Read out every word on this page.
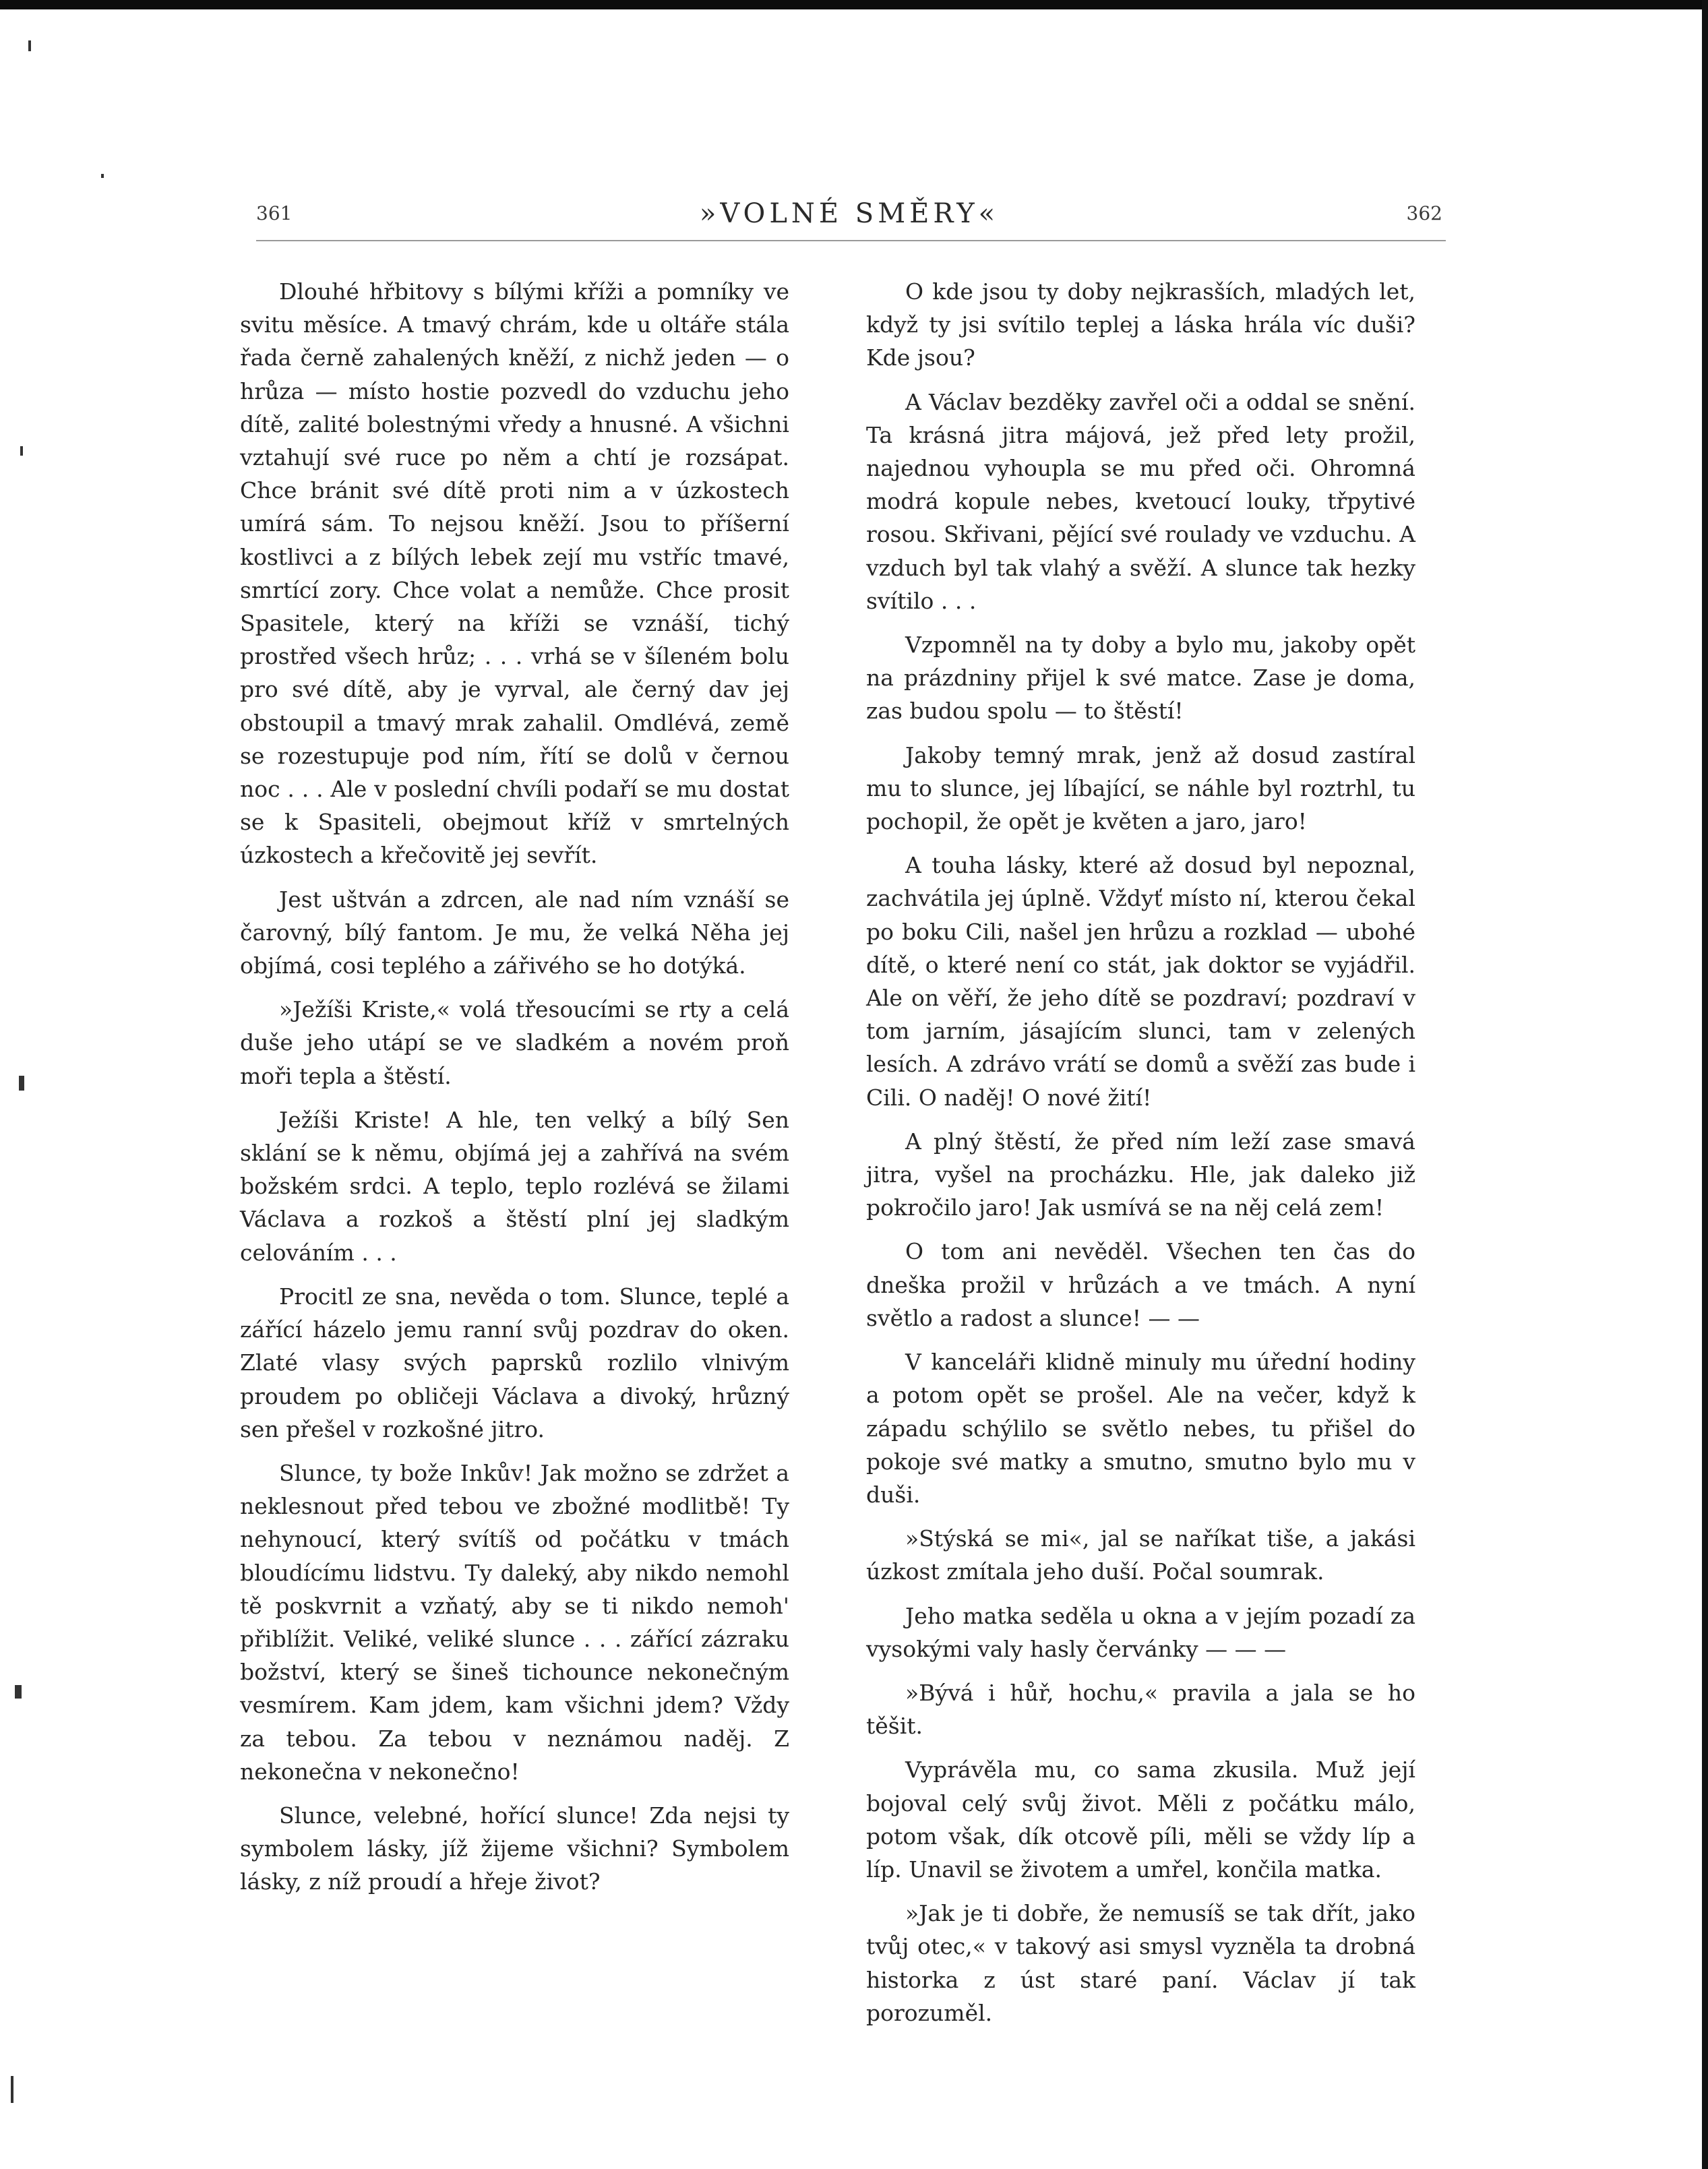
361	»VOLNÉ SMĚRY«	362

Dlouhé hřbitovy s bílými kříži a pomníky ve svitu měsíce. A tmavý chrám, kde u oltáře stála řada černě zahalených kněží, z nichž jeden — o hrůza — místo hostie pozvedl do vzduchu jeho dítě, zalité bolestnými vředy a hnusné. A všichni vztahují své ruce po něm a chtí je rozsápat. Chce bránit své dítě proti nim a v úzkostech umírá sám. To nejsou kněží. Jsou to příšerní kostlivci a z bílých lebek zejí mu vstříc tmavé, smrtící zory. Chce volat a nemůže. Chce prosit Spasitele, který na kříži se vznáší, tichý prostřed všech hrůz; . . . vrhá se v šíleném bolu pro své dítě, aby je vyrval, ale černý dav jej obstoupil a tmavý mrak zahalil. Omdlévá, země se rozestupuje pod ním, řítí se dolů v černou noc . . . Ale v poslední chvíli podaří se mu dostat se k Spasiteli, obejmout kříž v smrtelných úzkostech a křečovitě jej sevřít.

Jest uštván a zdrcen, ale nad ním vznáší se čarovný, bílý fantom. Je mu, že velká Něha jej objímá, cosi teplého a zářivého se ho dotýká.

»Ježíši Kriste,« volá třesoucími se rty a celá duše jeho utápí se ve sladkém a novém proň moři tepla a štěstí.

Ježíši Kriste! A hle, ten velký a bílý Sen sklání se k němu, objímá jej a zahřívá na svém božském srdci. A teplo, teplo rozlévá se žilami Václava a rozkoš a štěstí plní jej sladkým celováním . . .

Procitl ze sna, nevěda o tom. Slunce, teplé a zářící házelo jemu ranní svůj pozdrav do oken. Zlaté vlasy svých paprsků rozlilo vlnivým proudem po obličeji Václava a divoký, hrůzný sen přešel v rozkošné jitro.

Slunce, ty bože Inkův! Jak možno se zdržet a neklesnout před tebou ve zbožné modlitbě! Ty nehynoucí, který svítíš od počátku v tmách bloudícímu lidstvu. Ty daleký, aby nikdo nemohl tě poskvrnit a vzňatý, aby se ti nikdo nemoh' přiblížit. Veliké, veliké slunce . . . zářící zázraku božství, který se šineš tichounce nekonečným vesmírem. Kam jdem, kam všichni jdem? Vždy za tebou. Za tebou v neznámou naděj. Z nekonečna v nekonečno!

Slunce, velebné, hořící slunce! Zda nejsi ty symbolem lásky, jíž žijeme všichni? Symbolem lásky, z níž proudí a hřeje život?

O kde jsou ty doby nejkrasších, mladých let, když ty jsi svítilo teplej a láska hrála víc duši? Kde jsou?

A Václav bezděky zavřel oči a oddal se snění. Ta krásná jitra májová, jež před lety prožil, najednou vyhoupla se mu před oči. Ohromná modrá kopule nebes, kvetoucí louky, třpytivé rosou. Skřivani, pějící své roulady ve vzduchu. A vzduch byl tak vlahý a svěží. A slunce tak hezky svítilo . . .

Vzpomněl na ty doby a bylo mu, jakoby opět na prázdniny přijel k své matce. Zase je doma, zas budou spolu — to štěstí!

Jakoby temný mrak, jenž až dosud zastíral mu to slunce, jej líbající, se náhle byl roztrhl, tu pochopil, že opět je květen a jaro, jaro!

A touha lásky, které až dosud byl nepoznal, zachvátila jej úplně. Vždyť místo ní, kterou čekal po boku Cili, našel jen hrůzu a rozklad — ubohé dítě, o které není co stát, jak doktor se vyjádřil. Ale on věří, že jeho dítě se pozdraví; pozdraví v tom jarním, jásajícím slunci, tam v zelených lesích. A zdrávo vrátí se domů a svěží zas bude i Cili. O naděj! O nové žití!

A plný štěstí, že před ním leží zase smavá jitra, vyšel na procházku. Hle, jak daleko již pokročilo jaro! Jak usmívá se na něj celá zem!

O tom ani nevěděl. Všechen ten čas do dneška prožil v hrůzách a ve tmách. A nyní světlo a radost a slunce! — —

V kanceláři klidně minuly mu úřední hodiny a potom opět se prošel. Ale na večer, když k západu schýlilo se světlo nebes, tu přišel do pokoje své matky a smutno, smutno bylo mu v duši.

»Stýská se mi«, jal se naříkat tiše, a jakási úzkost zmítala jeho duší. Počal soumrak.

Jeho matka seděla u okna a v jejím pozadí za vysokými valy hasly červánky — — —

»Bývá i hůř, hochu,« pravila a jala se ho těšit.

Vyprávěla mu, co sama zkusila. Muž její bojoval celý svůj život. Měli z počátku málo, potom však, dík otcově píli, měli se vždy líp a líp. Unavil se životem a umřel, končila matka.

»Jak je ti dobře, že nemusíš se tak dřít, jako tvůj otec,« v takový asi smysl vyzněla ta drobná historka z úst staré paní. Václav jí tak porozuměl.
